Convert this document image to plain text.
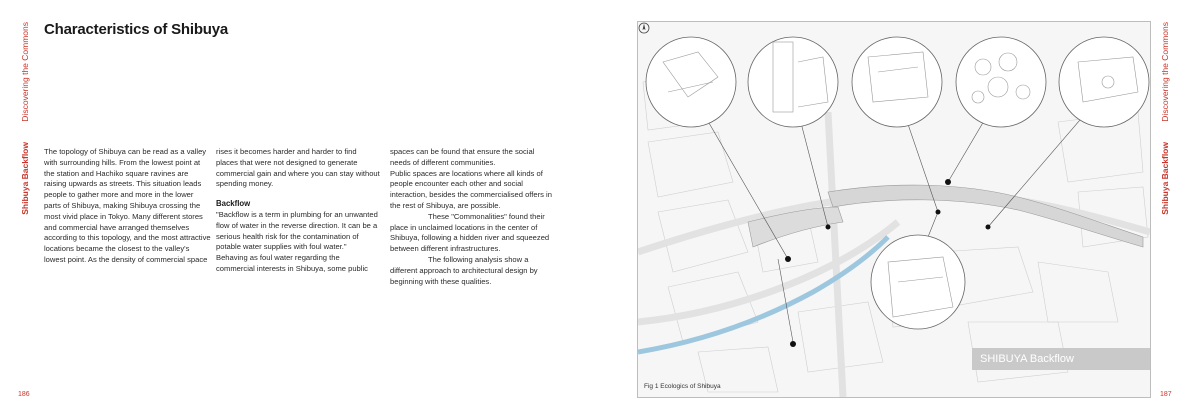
Discovering the Commons
Shibuya Backflow
186
Characteristics of Shibuya

The topology of Shibuya can be read as a valley with surrounding hills. From the lowest point at the station and Hachiko square ravines are raising upwards as streets. This situation leads people to gather more and more in the lower parts of Shibuya, making Shibuya crossing the most vivid place in Tokyo. Many different stores and commercial have arranged themselves according to this topology, and the most attractive locations became the closest to the valley's lowest point. As the density of commercial space

rises it becomes harder and harder to find places that were not designed to generate commercial gain and where you can stay without spending money.

Backflow

"Backflow is a term in plumbing for an unwanted flow of water in the reverse direction. It can be a serious health risk for the contamination of potable water supplies with foul water."

Behaving as foul water regarding the commercial interests in Shibuya, some public

spaces can be found that ensure the social needs of different communities.

Public spaces are locations where all kinds of people encounter each other and social interaction, besides the commercialised offers in the rest of Shibuya, are possible.

These "Commonalities" found their place in unclaimed locations in the center of Shibuya, following a hidden river and squeezed between different infrastructures.

The following analysis show a different approach to architectural design by beginning with these qualities.

SHIBUYA Backflow
Fig 1 Ecologics of Shibuya
Discovering the Commons
Shibuya Backflow
187
